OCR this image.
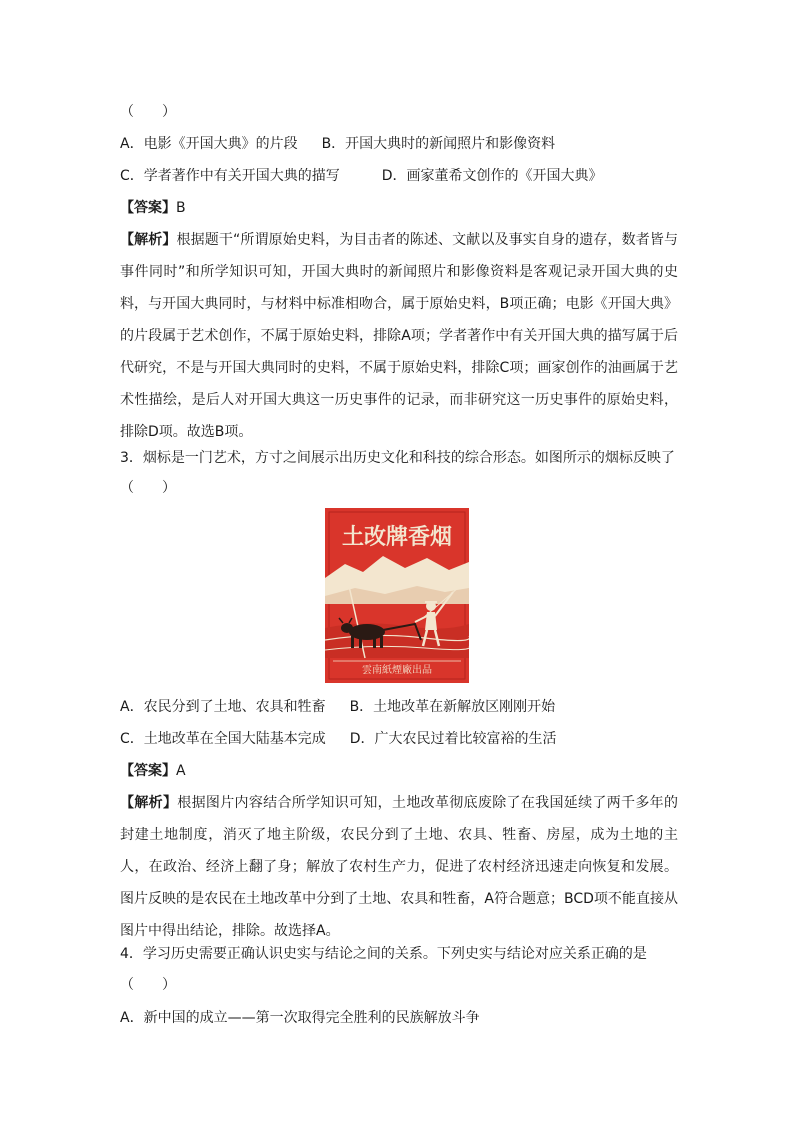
（　　）
A．电影《开国大典》的片段 B．开国大典时的新闻照片和影像资料
C．学者著作中有关开国大典的描写	D．画家董希文创作的《开国大典》
【答案】B
【解析】根据题干“所谓原始史料，为目击者的陈述、文献以及事实自身的遗存，数者皆与事件同时”和所学知识可知，开国大典时的新闻照片和影像资料是客观记录开国大典的史料，与开国大典同时，与材料中标准相吻合，属于原始史料，B项正确；电影《开国大典》的片段属于艺术创作，不属于原始史料，排除A项；学者著作中有关开国大典的描写属于后代研究，不是与开国大典同时的史料，不属于原始史料，排除C项；画家创作的油画属于艺术性描绘，是后人对开国大典这一历史事件的记录，而非研究这一历史事件的原始史料，排除D项。故选B项。
3．烟标是一门艺术，方寸之间展示出历史文化和科技的综合形态。如图所示的烟标反映了
（　　）
雲南紙煙廠出品
土改牌香烟
A．农民分到了土地、农具和牲畜 B．土地改革在新解放区刚刚开始
C．土地改革在全国大陆基本完成 D．广大农民过着比较富裕的生活
【答案】A
【解析】根据图片内容结合所学知识可知，土地改革彻底废除了在我国延续了两千多年的封建土地制度，消灭了地主阶级，农民分到了土地、农具、牲畜、房屋，成为土地的主人，在政治、经济上翻了身；解放了农村生产力，促进了农村经济迅速走向恢复和发展。图片反映的是农民在土地改革中分到了土地、农具和牲畜，A符合题意；BCD项不能直接从图片中得出结论，排除。故选择A。
4．学习历史需要正确认识史实与结论之间的关系。下列史实与结论对应关系正确的是
（　　）
A．新中国的成立——第一次取得完全胜利的民族解放斗争
